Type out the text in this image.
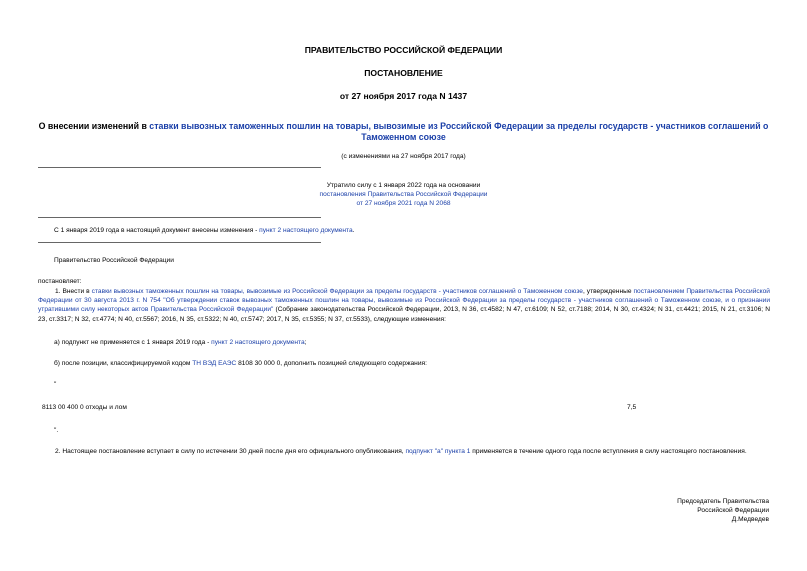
ПРАВИТЕЛЬСТВО РОССИЙСКОЙ ФЕДЕРАЦИИ
ПОСТАНОВЛЕНИЕ
от 27 ноября 2017 года N 1437
О внесении изменений в ставки вывозных таможенных пошлин на товары, вывозимые из Российской Федерации за пределы государств - участников соглашений о Таможенном союзе
(с изменениями на 27 ноября 2017 года)
Утратило силу с 1 января 2022 года на основании
постановления Правительства Российской Федерации
от 27 ноября 2021 года N 2068
С 1 января 2019 года в настоящий документ внесены изменения - пункт 2 настоящего документа.
Правительство Российской Федерации
постановляет:
1. Внести в ставки вывозных таможенных пошлин на товары, вывозимые из Российской Федерации за пределы государств - участников соглашений о Таможенном союзе, утвержденные постановлением Правительства Российской Федерации от 30 августа 2013 г. N 754 "Об утверждении ставок вывозных таможенных пошлин на товары, вывозимые из Российской Федерации за пределы государств - участников соглашений о Таможенном союзе, и о признании утратившими силу некоторых актов Правительства Российской Федерации" (Собрание законодательства Российской Федерации, 2013, N 36, ст.4582; N 47, ст.6109; N 52, ст.7188; 2014, N 30, ст.4324; N 31, ст.4421; 2015, N 21, ст.3106; N 23, ст.3317; N 32, ст.4774; N 40, ст.5567; 2016, N 35, ст.5322; N 40, ст.5747; 2017, N 35, ст.5355; N 37, ст.5533), следующие изменения:
а) подпункт не применяется с 1 января 2019 года - пункт 2 настоящего документа;
б) после позиции, классифицируемой кодом ТН ВЭД ЕАЭС 8108 30 000 0, дополнить позицией следующего содержания:
"
8113 00 400 0 отходы и лом	7,5
".
2. Настоящее постановление вступает в силу по истечении 30 дней после дня его официального опубликования, подпункт "а" пункта 1 применяется в течение одного года после вступления в силу настоящего постановления.
Председатель Правительства
Российской Федерации
Д.Медведев
